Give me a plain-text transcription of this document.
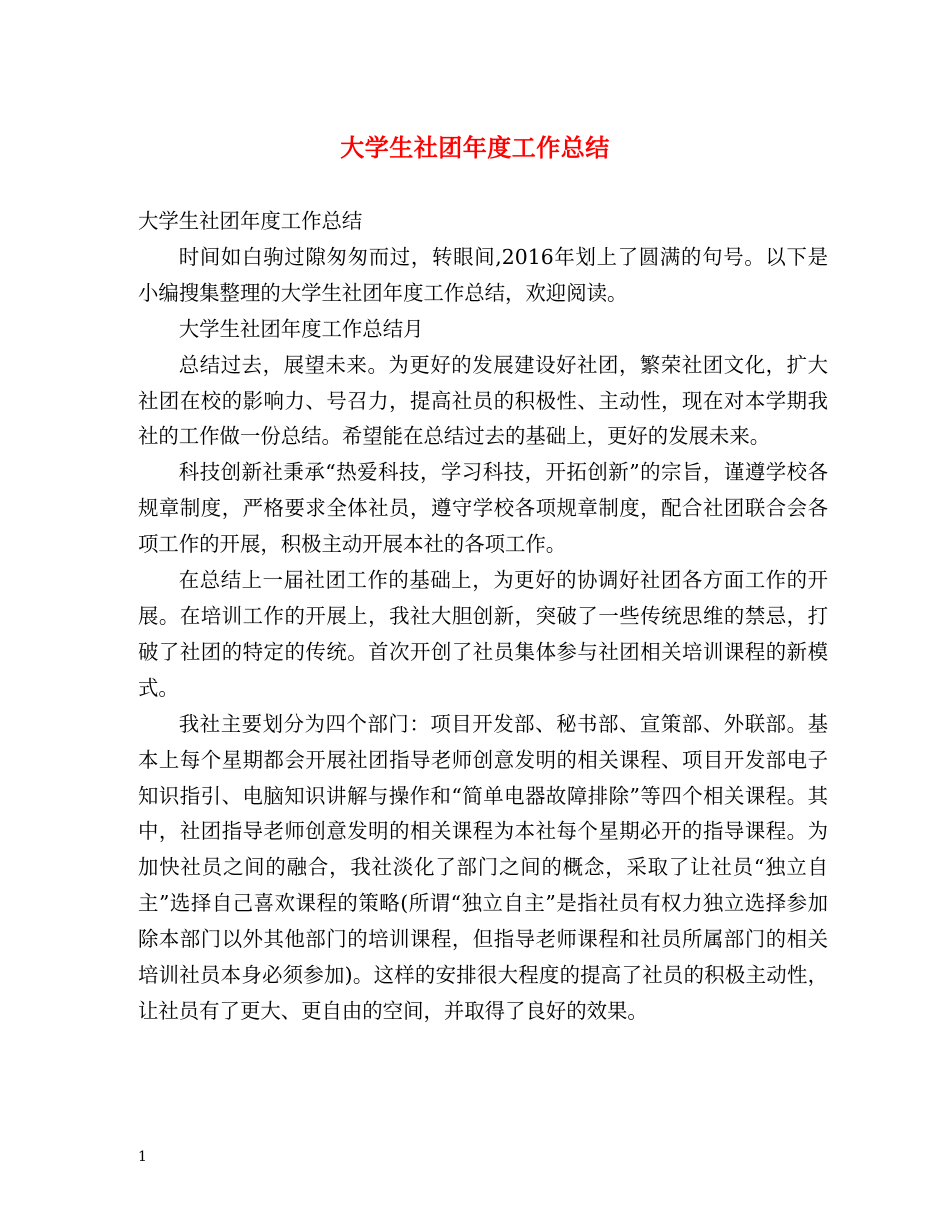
大学生社团年度工作总结

大学生社团年度工作总结

时间如白驹过隙匆匆而过，转眼间,2016年划上了圆满的句号。以下是小编搜集整理的大学生社团年度工作总结，欢迎阅读。

大学生社团年度工作总结月

总结过去，展望未来。为更好的发展建设好社团，繁荣社团文化，扩大社团在校的影响力、号召力，提高社员的积极性、主动性，现在对本学期我社的工作做一份总结。希望能在总结过去的基础上，更好的发展未来。

科技创新社秉承“热爱科技，学习科技，开拓创新”的宗旨，谨遵学校各规章制度，严格要求全体社员，遵守学校各项规章制度，配合社团联合会各项工作的开展，积极主动开展本社的各项工作。

在总结上一届社团工作的基础上，为更好的协调好社团各方面工作的开展。在培训工作的开展上，我社大胆创新，突破了一些传统思维的禁忌，打破了社团的特定的传统。首次开创了社员集体参与社团相关培训课程的新模式。

我社主要划分为四个部门：项目开发部、秘书部、宣策部、外联部。基本上每个星期都会开展社团指导老师创意发明的相关课程、项目开发部电子知识指引、电脑知识讲解与操作和“简单电器故障排除”等四个相关课程。其中，社团指导老师创意发明的相关课程为本社每个星期必开的指导课程。为加快社员之间的融合，我社淡化了部门之间的概念，采取了让社员“独立自主”选择自己喜欢课程的策略(所谓“独立自主”是指社员有权力独立选择参加除本部门以外其他部门的培训课程，但指导老师课程和社员所属部门的相关培训社员本身必须参加)。这样的安排很大程度的提高了社员的积极主动性，让社员有了更大、更自由的空间，并取得了良好的效果。

1
